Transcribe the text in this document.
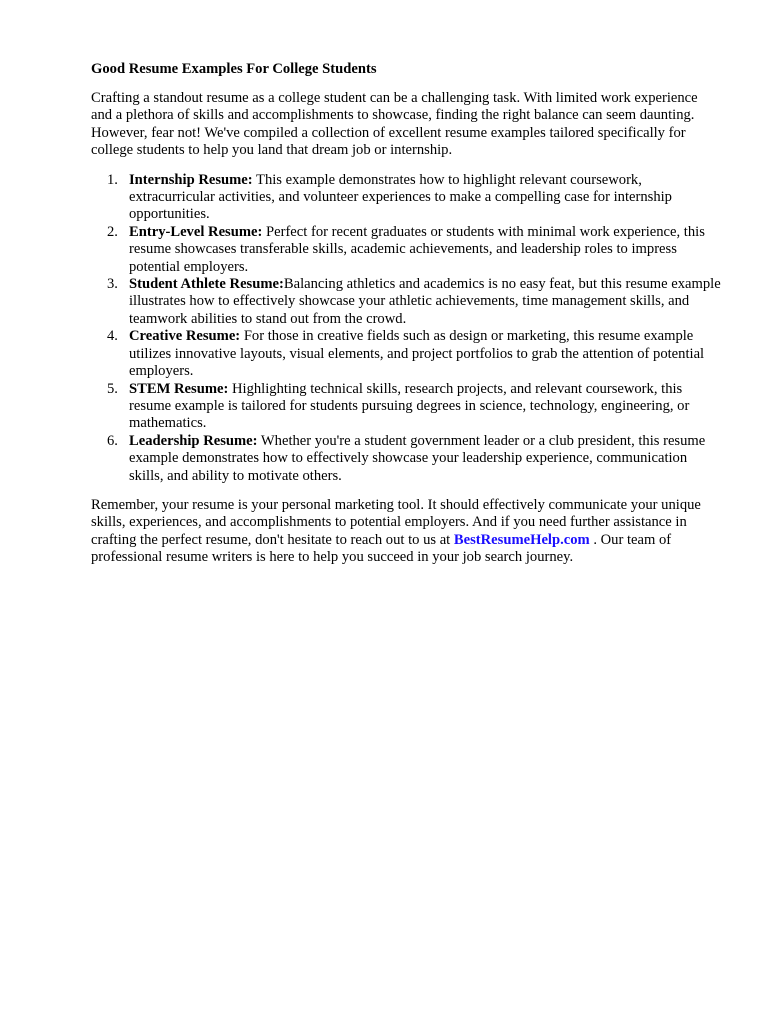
Good Resume Examples For College Students

Crafting a standout resume as a college student can be a challenging task. With limited work experience and a plethora of skills and accomplishments to showcase, finding the right balance can seem daunting. However, fear not! We've compiled a collection of excellent resume examples tailored specifically for college students to help you land that dream job or internship.

1. Internship Resume: This example demonstrates how to highlight relevant coursework, extracurricular activities, and volunteer experiences to make a compelling case for internship opportunities.
2. Entry-Level Resume: Perfect for recent graduates or students with minimal work experience, this resume showcases transferable skills, academic achievements, and leadership roles to impress potential employers.
3. Student Athlete Resume:Balancing athletics and academics is no easy feat, but this resume example illustrates how to effectively showcase your athletic achievements, time management skills, and teamwork abilities to stand out from the crowd.
4. Creative Resume: For those in creative fields such as design or marketing, this resume example utilizes innovative layouts, visual elements, and project portfolios to grab the attention of potential employers.
5. STEM Resume: Highlighting technical skills, research projects, and relevant coursework, this resume example is tailored for students pursuing degrees in science, technology, engineering, or mathematics.
6. Leadership Resume: Whether you're a student government leader or a club president, this resume example demonstrates how to effectively showcase your leadership experience, communication skills, and ability to motivate others.

Remember, your resume is your personal marketing tool. It should effectively communicate your unique skills, experiences, and accomplishments to potential employers. And if you need further assistance in crafting the perfect resume, don't hesitate to reach out to us at BestResumeHelp.com . Our team of professional resume writers is here to help you succeed in your job search journey.
